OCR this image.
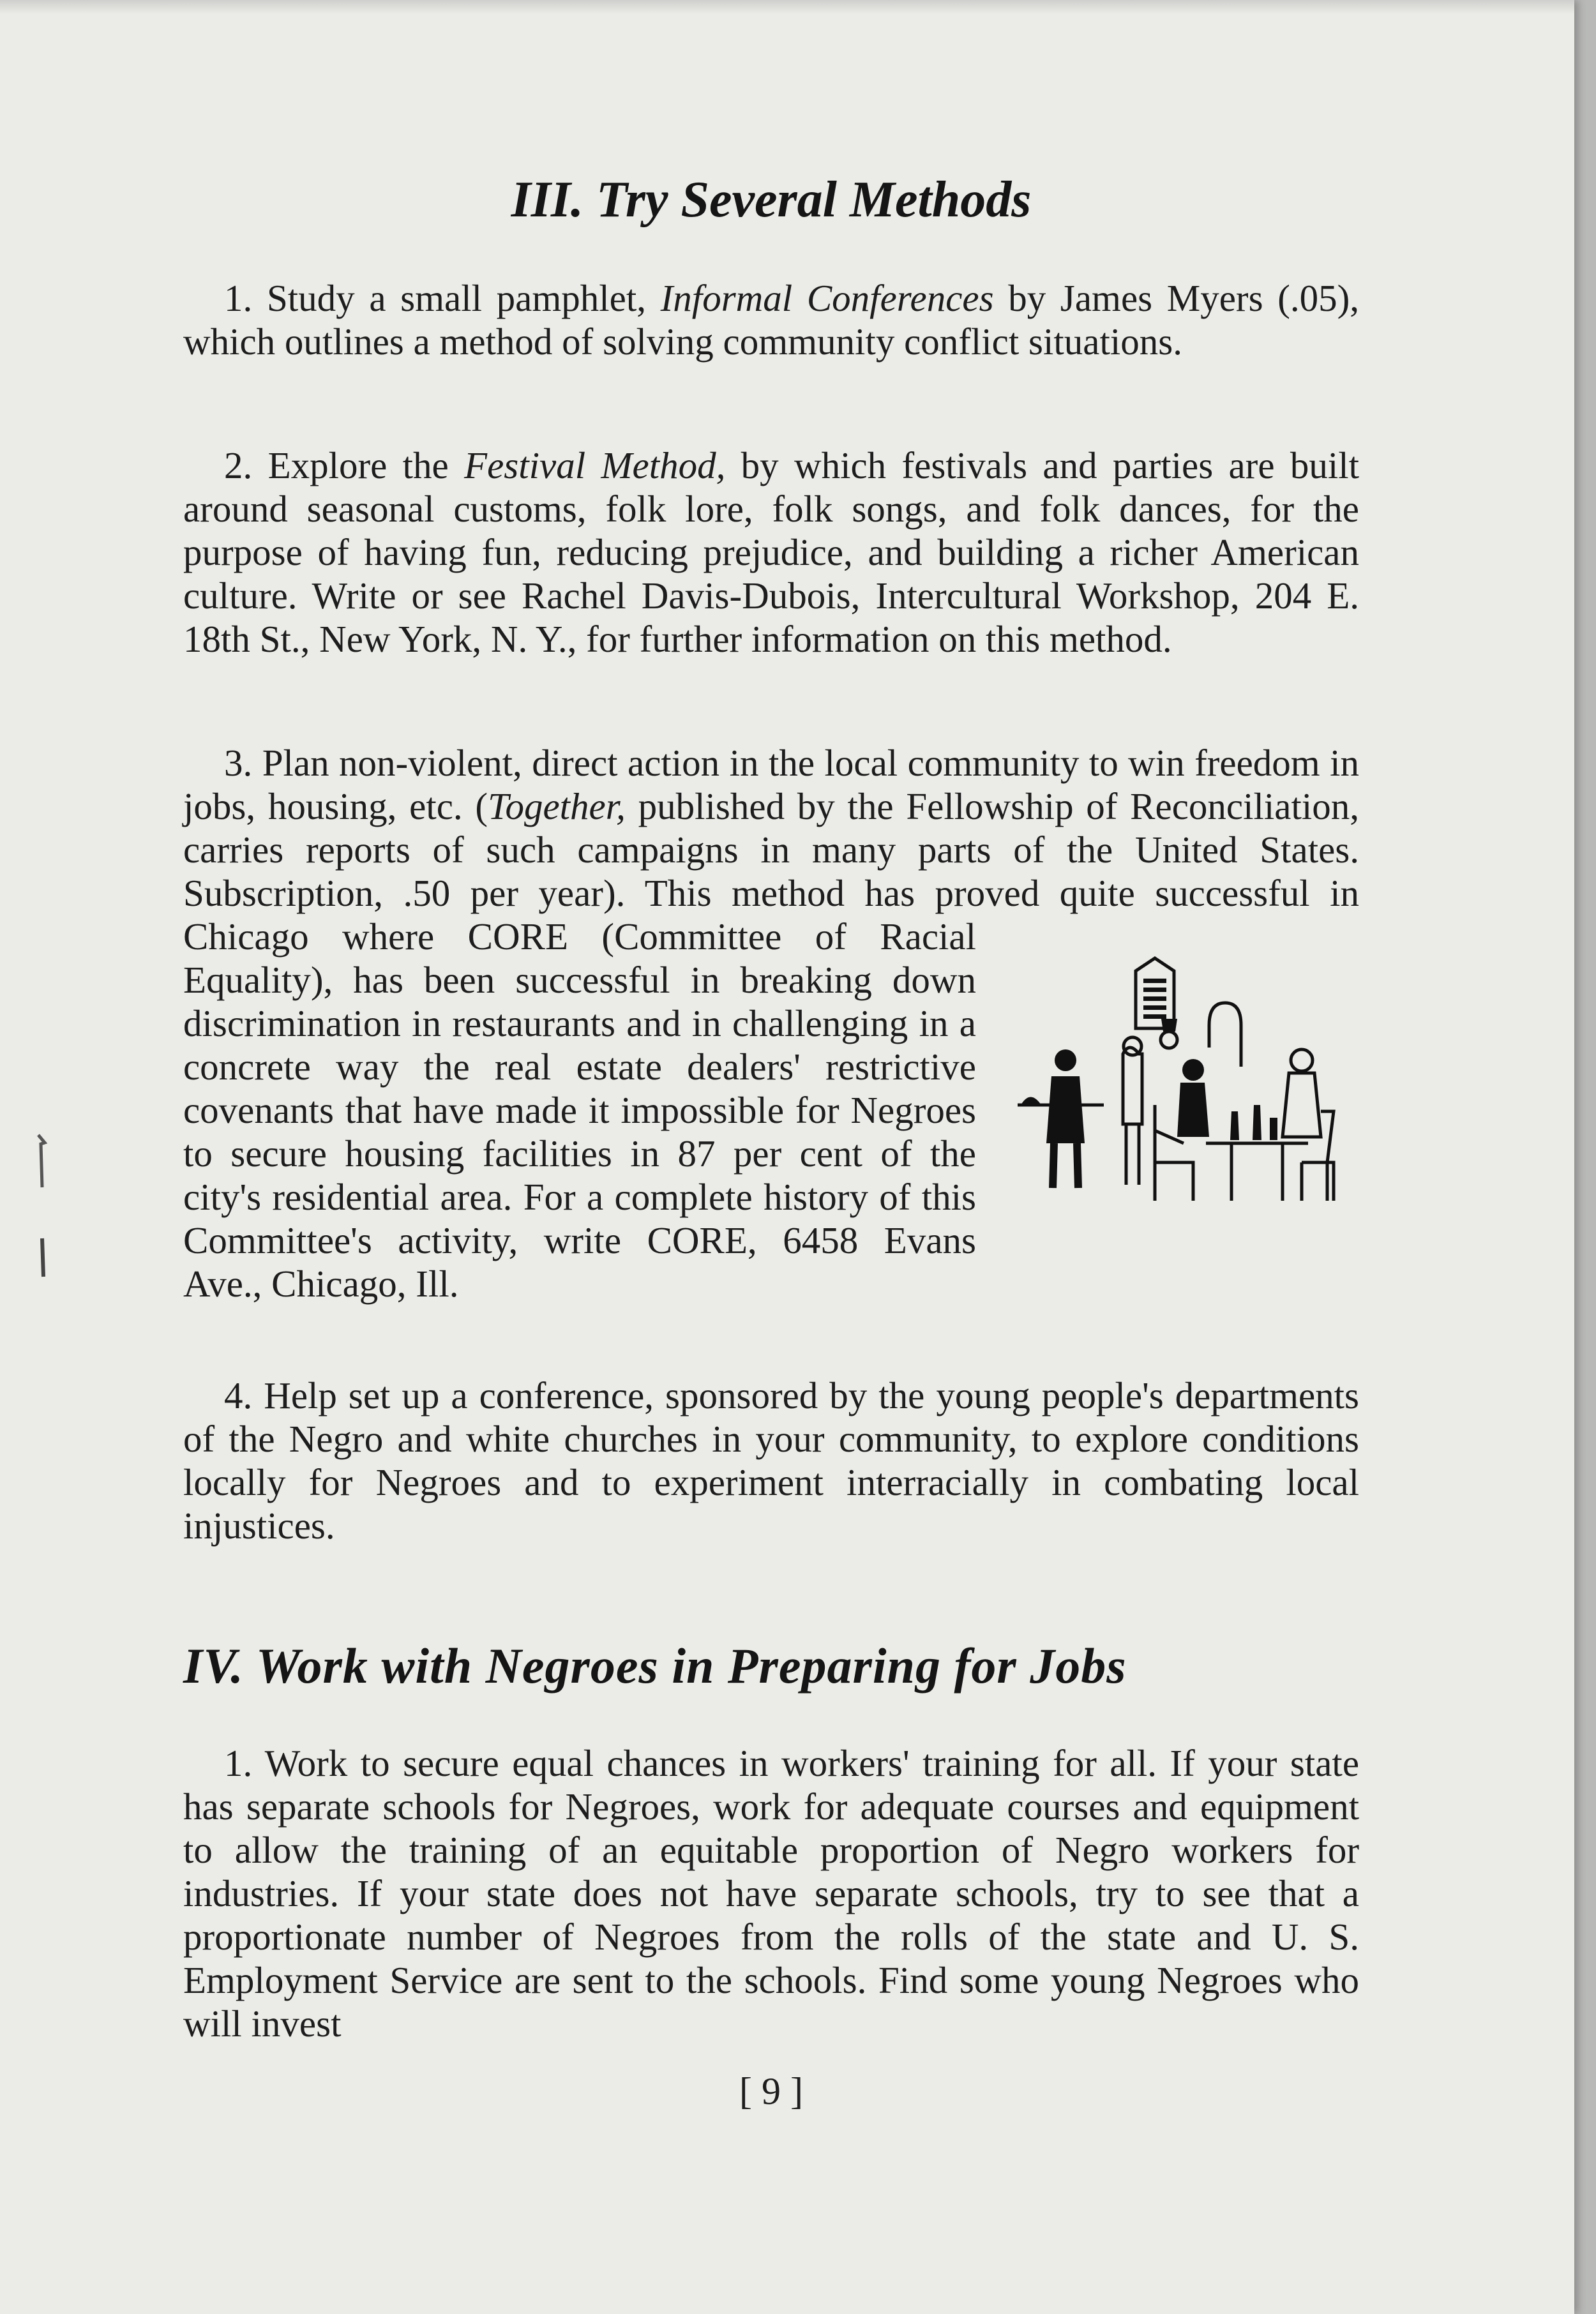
III. Try Several Methods

1. Study a small pamphlet, Informal Conferences by James Myers (.05), which outlines a method of solving community conflict situations.

2. Explore the Festival Method, by which festivals and parties are built around seasonal customs, folk lore, folk songs, and folk dances, for the purpose of having fun, reducing prejudice, and building a richer American culture. Write or see Rachel Davis-Dubois, Intercultural Workshop, 204 E. 18th St., New York, N. Y., for further information on this method.

3. Plan non-violent, direct action in the local community to win freedom in jobs, housing, etc. (Together, published by the Fellowship of Reconciliation, carries reports of such campaigns in many parts of the United States. Subscription, .50 per year). This method has proved quite successful in Chicago where CORE (Committee of Racial Equality), has been successful in breaking down discrimination in restaurants and in challenging in a concrete way the real estate dealers' restrictive covenants that have made it impossible for Negroes to secure housing facilities in 87 per cent of the city's residential area. For a complete history of this Committee's activity, write CORE, 6458 Evans Ave., Chicago, Ill.

4. Help set up a conference, sponsored by the young people's departments of the Negro and white churches in your community, to explore conditions locally for Negroes and to experiment interracially in combating local injustices.

IV. Work with Negroes in Preparing for Jobs

1. Work to secure equal chances in workers' training for all. If your state has separate schools for Negroes, work for adequate courses and equipment to allow the training of an equitable proportion of Negro workers for industries. If your state does not have separate schools, try to see that a proportionate number of Negroes from the rolls of the state and U. S. Employment Service are sent to the schools. Find some young Negroes who will invest

[ 9 ]
